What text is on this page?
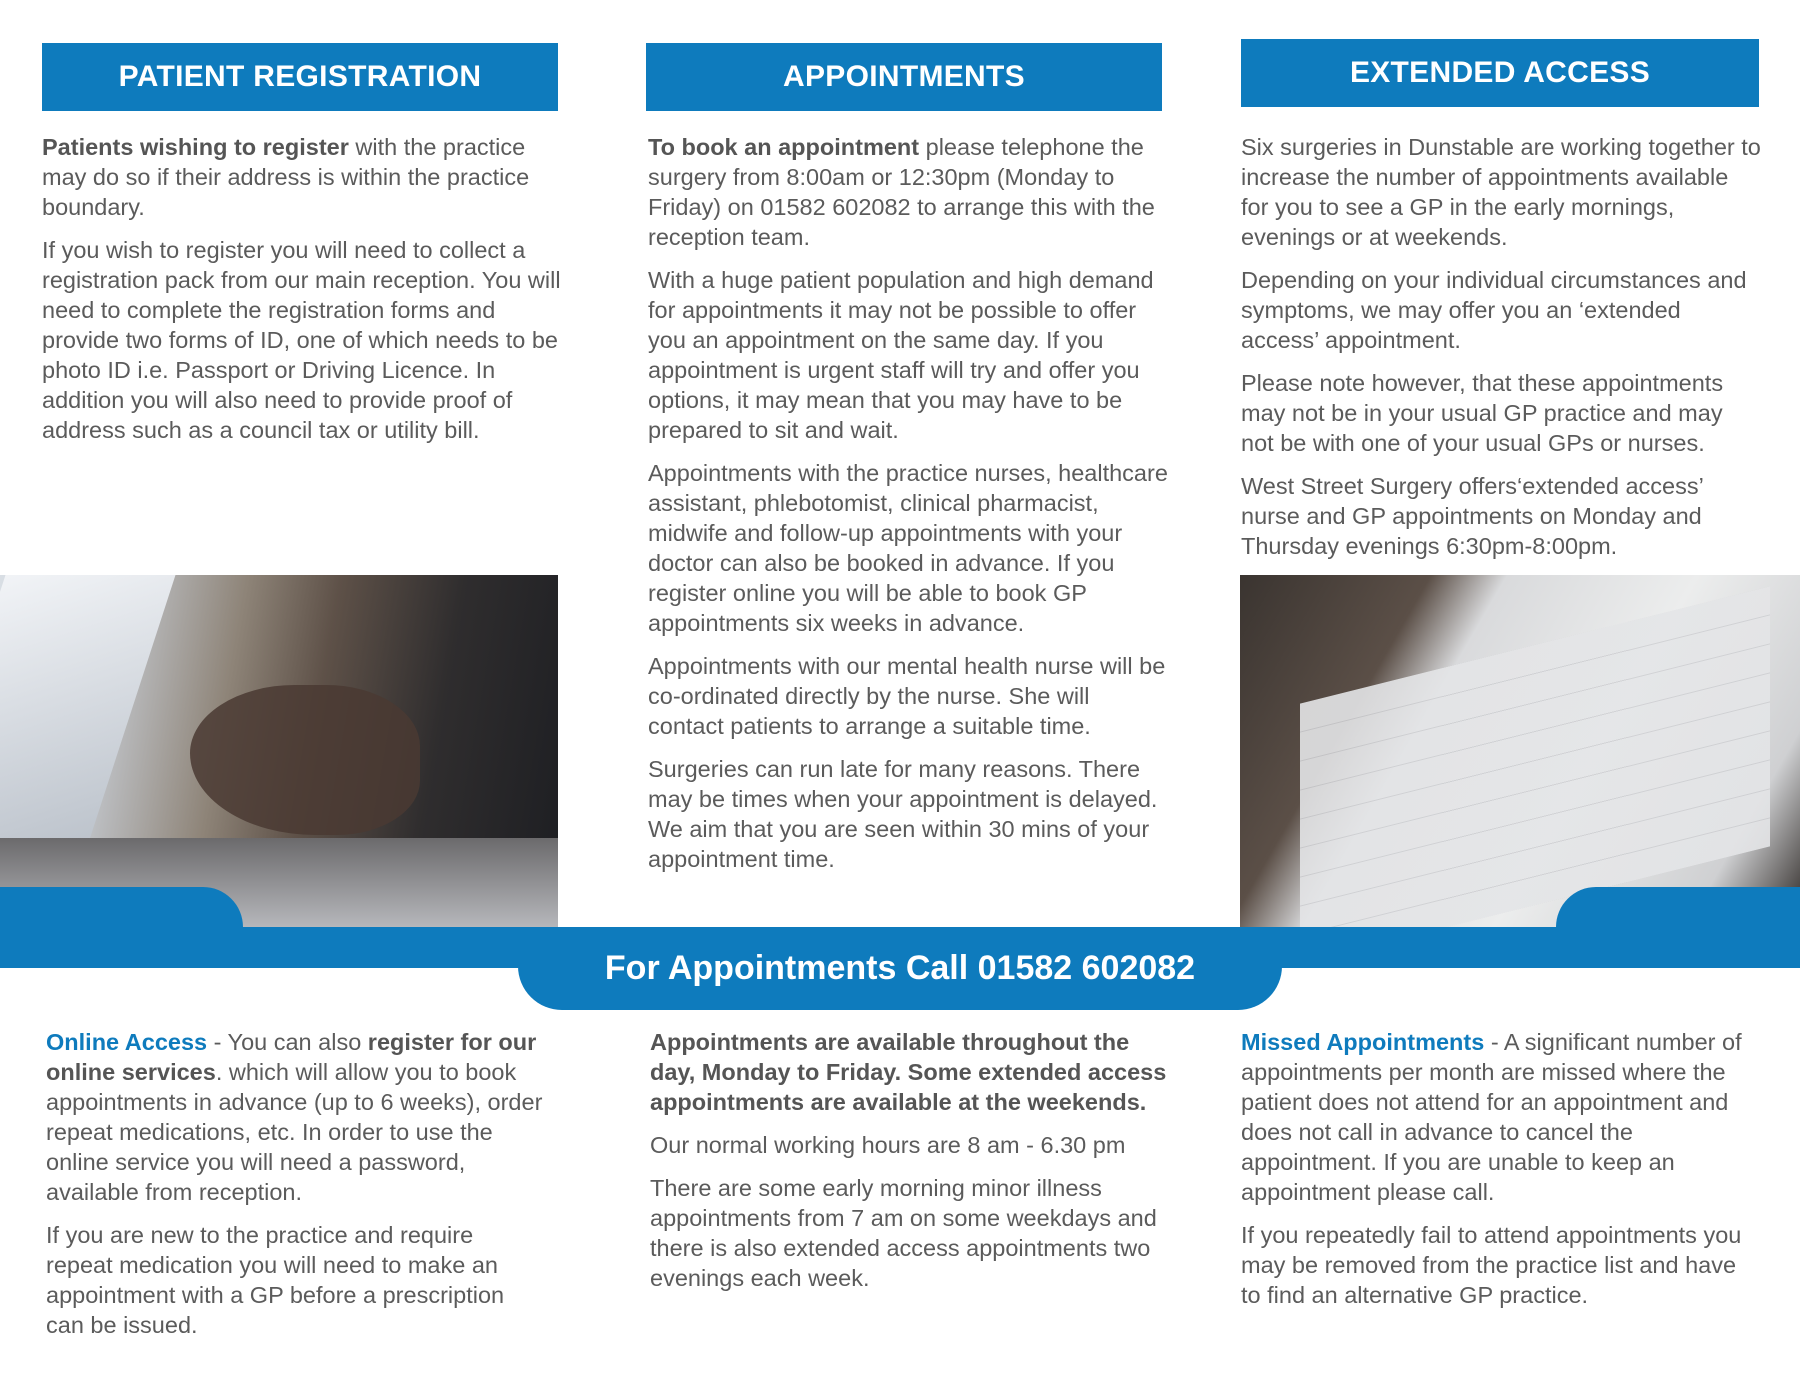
PATIENT REGISTRATION	APPOINTMENTS	EXTENDED ACCESS

Patients wishing to register with the practice may do so if their address is within the practice boundary.

If you wish to register you will need to collect a registration pack from our main reception. You will need to complete the registration forms and provide two forms of ID, one of which needs to be photo ID i.e. Passport or Driving Licence. In addition you will also need to provide proof of address such as a council tax or utility bill.

To book an appointment please telephone the surgery from 8:00am or 12:30pm (Monday to Friday) on 01582 602082 to arrange this with the reception team.

With a huge patient population and high demand for appointments it may not be possible to offer you an appointment on the same day. If you appointment is urgent staff will try and offer you options, it may mean that you may have to be prepared to sit and wait.

Appointments with the practice nurses, healthcare assistant, phlebotomist, clinical pharmacist, midwife and follow-up appointments with your doctor can also be booked in advance. If you register online you will be able to book GP appointments six weeks in advance.

Appointments with our mental health nurse will be co-ordinated directly by the nurse. She will contact patients to arrange a suitable time.

Surgeries can run late for many reasons. There may be times when your appointment is delayed. We aim that you are seen within 30 mins of your appointment time.

Six surgeries in Dunstable are working together to increase the number of appointments available for you to see a GP in the early mornings, evenings or at weekends.

Depending on your individual circumstances and symptoms, we may offer you an ‘extended access’ appointment.

Please note however, that these appointments may not be in your usual GP practice and may not be with one of your usual GPs or nurses.

West Street Surgery offers‘extended access’ nurse and GP appointments on Monday and Thursday evenings 6:30pm-8:00pm.

For Appointments Call 01582 602082

Online Access - You can also register for our online services. which will allow you to book appointments in advance (up to 6 weeks), order repeat medications, etc. In order to use the online service you will need a password, available from reception.

If you are new to the practice and require repeat medication you will need to make an appointment with a GP before a prescription can be issued.

Appointments are available throughout the day, Monday to Friday. Some extended access appointments are available at the weekends.

Our normal working hours are 8 am - 6.30 pm

There are some early morning minor illness appointments from 7 am on some weekdays and there is also extended access appointments two evenings each week.

Missed Appointments - A significant number of appointments per month are missed where the patient does not attend for an appointment and does not call in advance to cancel the appointment. If you are unable to keep an appointment please call.

If you repeatedly fail to attend appointments you may be removed from the practice list and have to find an alternative GP practice.
